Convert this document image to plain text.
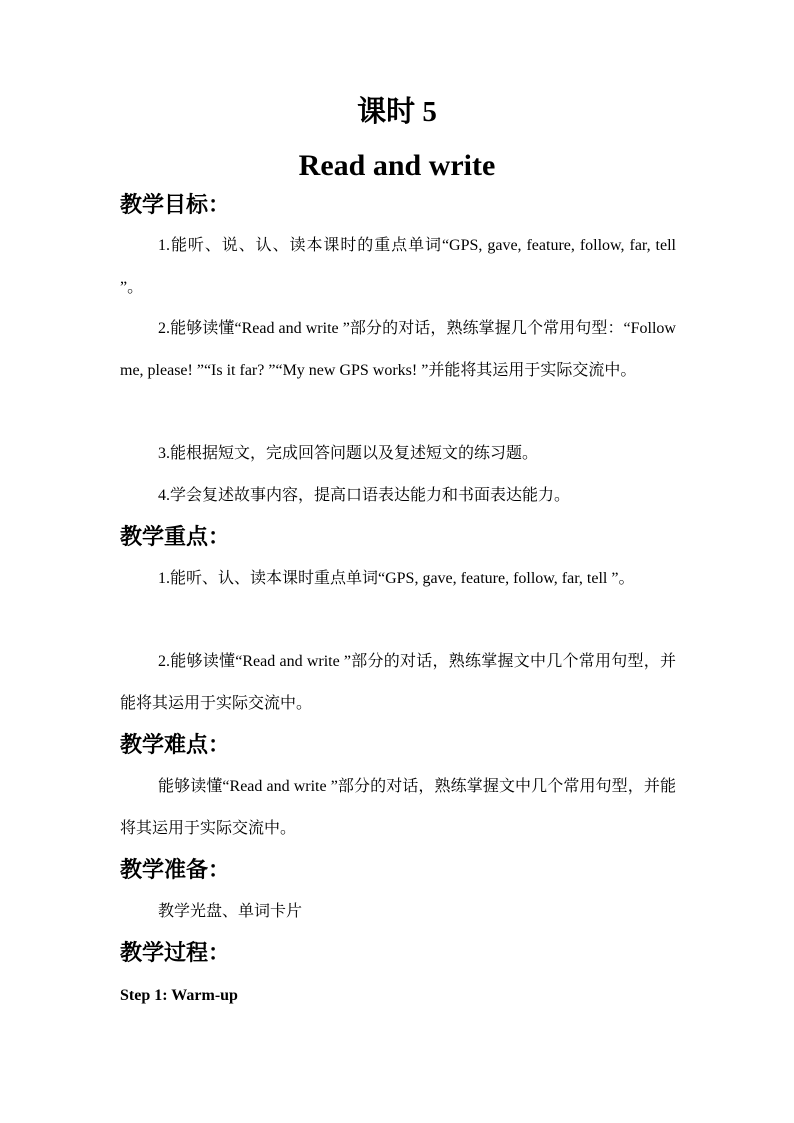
课时 5
Read and write
教学目标：
1.能听、说、认、读本课时的重点单词“GPS, gave, feature, follow, far, tell ”。
2.能够读懂“Read and write ”部分的对话，熟练掌握几个常用句型：“Follow me, please! ”“Is it far? ”“My new GPS works! ”并能将其运用于实际交流中。
3.能根据短文，完成回答问题以及复述短文的练习题。
4.学会复述故事内容，提高口语表达能力和书面表达能力。
教学重点：
1.能听、认、读本课时重点单词“GPS, gave, feature, follow, far, tell ”。
2.能够读懂“Read and write ”部分的对话，熟练掌握文中几个常用句型，并能将其运用于实际交流中。
教学难点：
能够读懂“Read and write ”部分的对话，熟练掌握文中几个常用句型，并能将其运用于实际交流中。
教学准备：
教学光盘、单词卡片
教学过程：
Step 1: Warm-up
